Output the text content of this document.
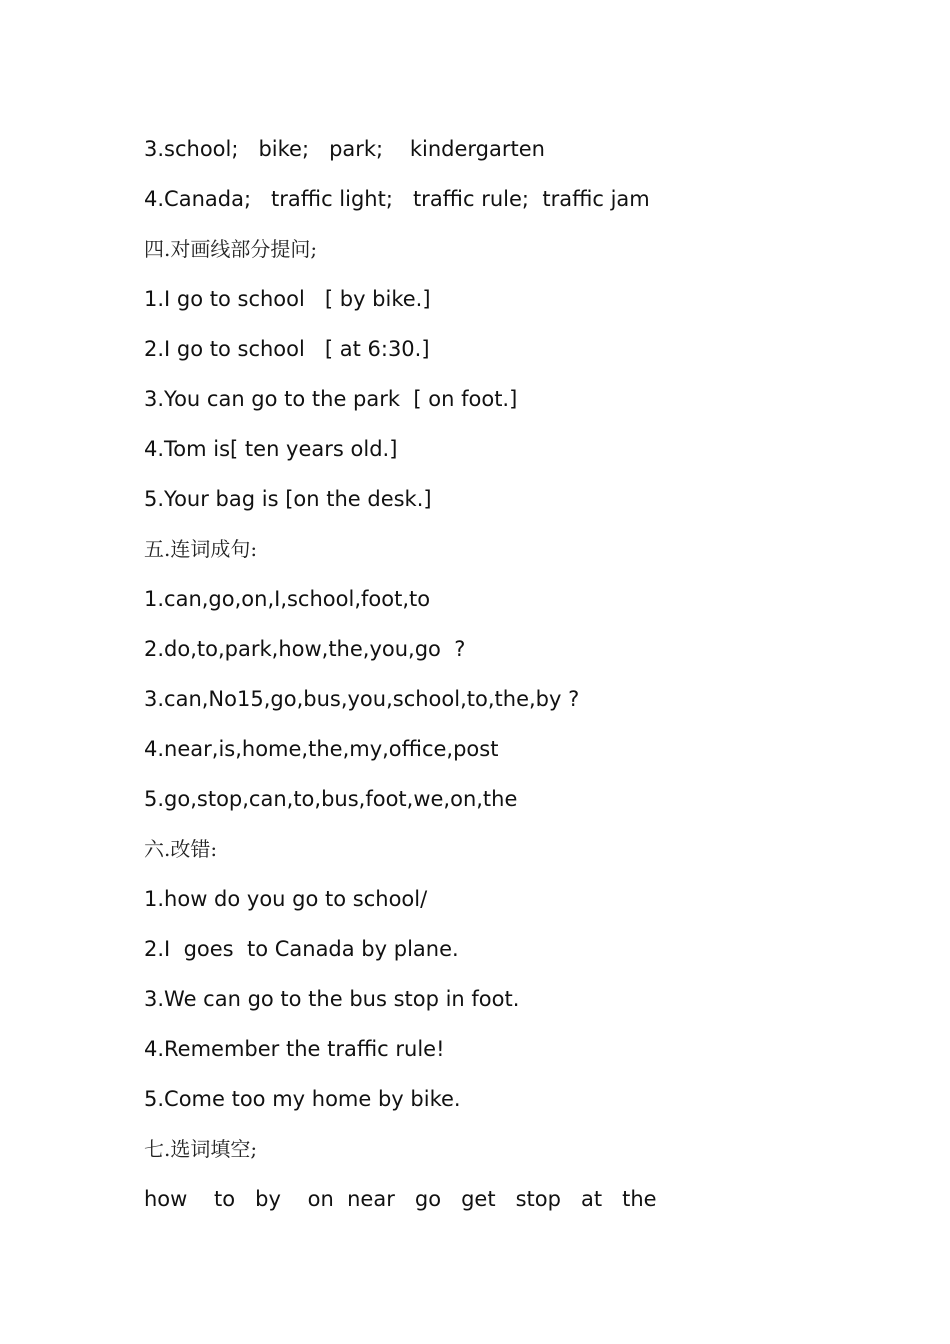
3.school;   bike;   park;    kindergarten
4.Canada;   traffic light;   traffic rule;  traffic jam
四.对画线部分提问;
1.I go to school   [ by bike.]
2.I go to school   [ at 6:30.]
3.You can go to the park  [ on foot.]
4.Tom is[ ten years old.]
5.Your bag is [on the desk.]
五.连词成句:
1.can,go,on,I,school,foot,to
2.do,to,park,how,the,you,go  ?
3.can,No15,go,bus,you,school,to,the,by ?
4.near,is,home,the,my,office,post
5.go,stop,can,to,bus,foot,we,on,the
六.改错:
1.how do you go to school/
2.I  goes  to Canada by plane.
3.We can go to the bus stop in foot.
4.Remember the traffic rule!
5.Come too my home by bike.
七.选词填空;
how    to   by    on  near   go   get   stop   at   the
